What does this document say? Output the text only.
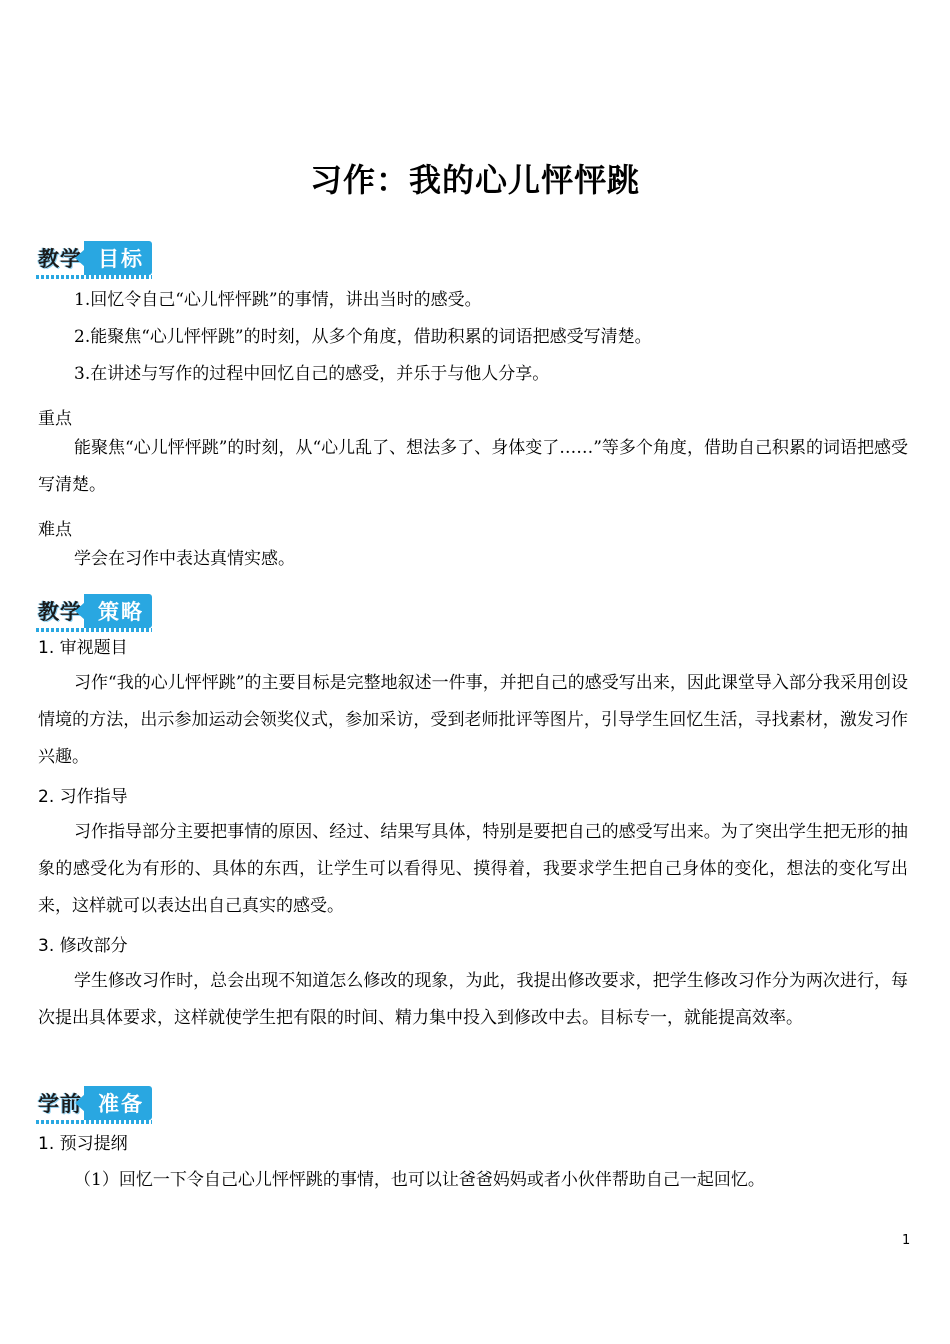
习作：我的心儿怦怦跳
教学 目标
1.回忆令自己“心儿怦怦跳”的事情，讲出当时的感受。
2.能聚焦“心儿怦怦跳”的时刻，从多个角度，借助积累的词语把感受写清楚。
3.在讲述与写作的过程中回忆自己的感受，并乐于与他人分享。
重点
能聚焦“心儿怦怦跳”的时刻，从“心儿乱了、想法多了、身体变了……”等多个角度，借助自己积累的词语把感受写清楚。
难点
学会在习作中表达真情实感。
教学 策略
1. 审视题目
习作“我的心儿怦怦跳”的主要目标是完整地叙述一件事，并把自己的感受写出来，因此课堂导入部分我采用创设情境的方法，出示参加运动会领奖仪式，参加采访，受到老师批评等图片，引导学生回忆生活，寻找素材，激发习作兴趣。
2. 习作指导
习作指导部分主要把事情的原因、经过、结果写具体，特别是要把自己的感受写出来。为了突出学生把无形的抽象的感受化为有形的、具体的东西，让学生可以看得见、摸得着，我要求学生把自己身体的变化，想法的变化写出来，这样就可以表达出自己真实的感受。
3. 修改部分
学生修改习作时，总会出现不知道怎么修改的现象，为此，我提出修改要求，把学生修改习作分为两次进行，每次提出具体要求，这样就使学生把有限的时间、精力集中投入到修改中去。目标专一，就能提高效率。
学前 准备
1. 预习提纲
（1）回忆一下令自己心儿怦怦跳的事情，也可以让爸爸妈妈或者小伙伴帮助自己一起回忆。
1
